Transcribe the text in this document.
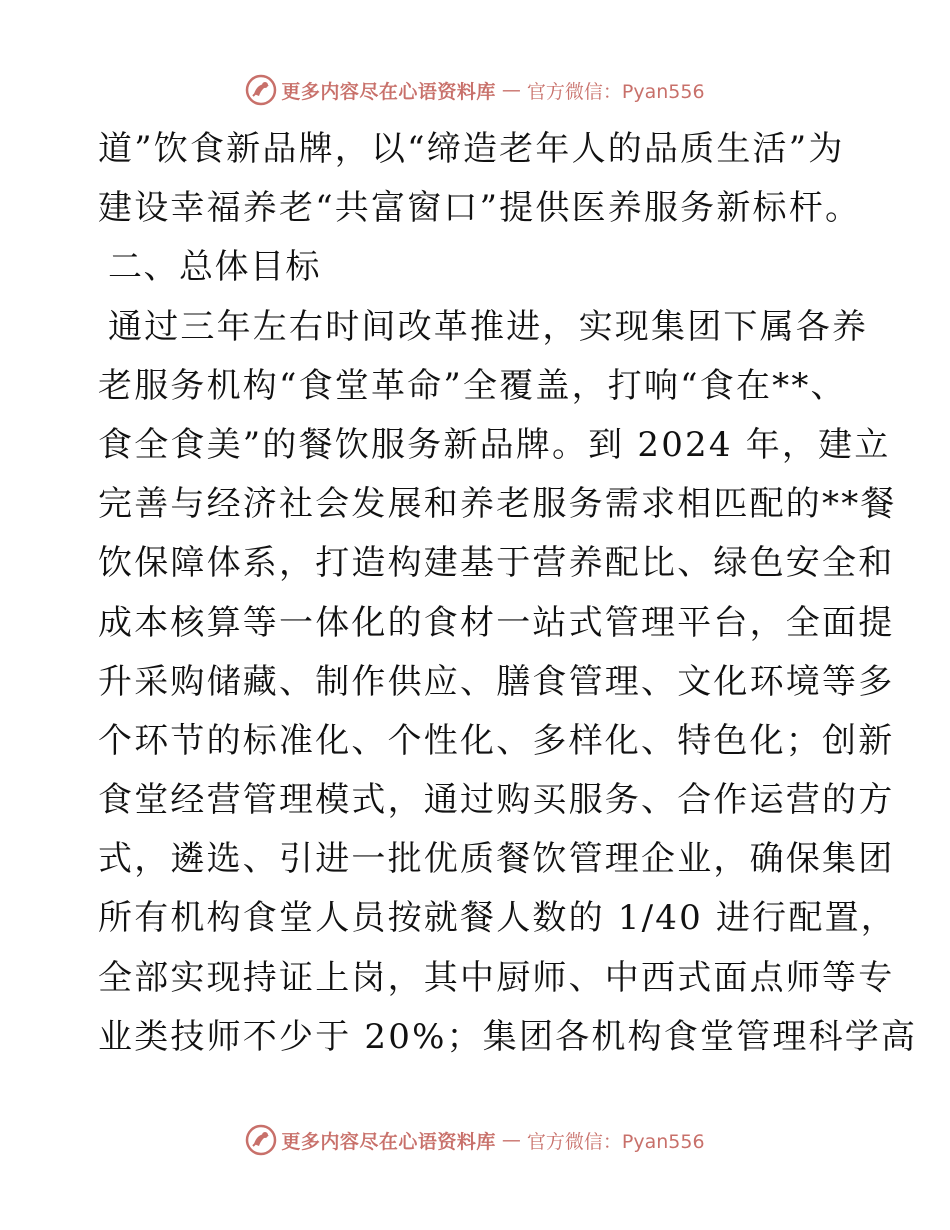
更多内容尽在心语资料库 — 官方微信：Pyan556
道”饮食新品牌，以“缔造老年人的品质生活”为
建设幸福养老“共富窗口”提供医养服务新标杆。
二、总体目标
通过三年左右时间改革推进，实现集团下属各养
老服务机构“食堂革命”全覆盖，打响“食在**、
食全食美”的餐饮服务新品牌。到 2024 年，建立
完善与经济社会发展和养老服务需求相匹配的**餐
饮保障体系，打造构建基于营养配比、绿色安全和
成本核算等一体化的食材一站式管理平台，全面提
升采购储藏、制作供应、膳食管理、文化环境等多
个环节的标准化、个性化、多样化、特色化；创新
食堂经营管理模式，通过购买服务、合作运营的方
式，遴选、引进一批优质餐饮管理企业，确保集团
所有机构食堂人员按就餐人数的 1/40 进行配置，
全部实现持证上岗，其中厨师、中西式面点师等专
业类技师不少于 20%；集团各机构食堂管理科学高
更多内容尽在心语资料库 — 官方微信：Pyan556
